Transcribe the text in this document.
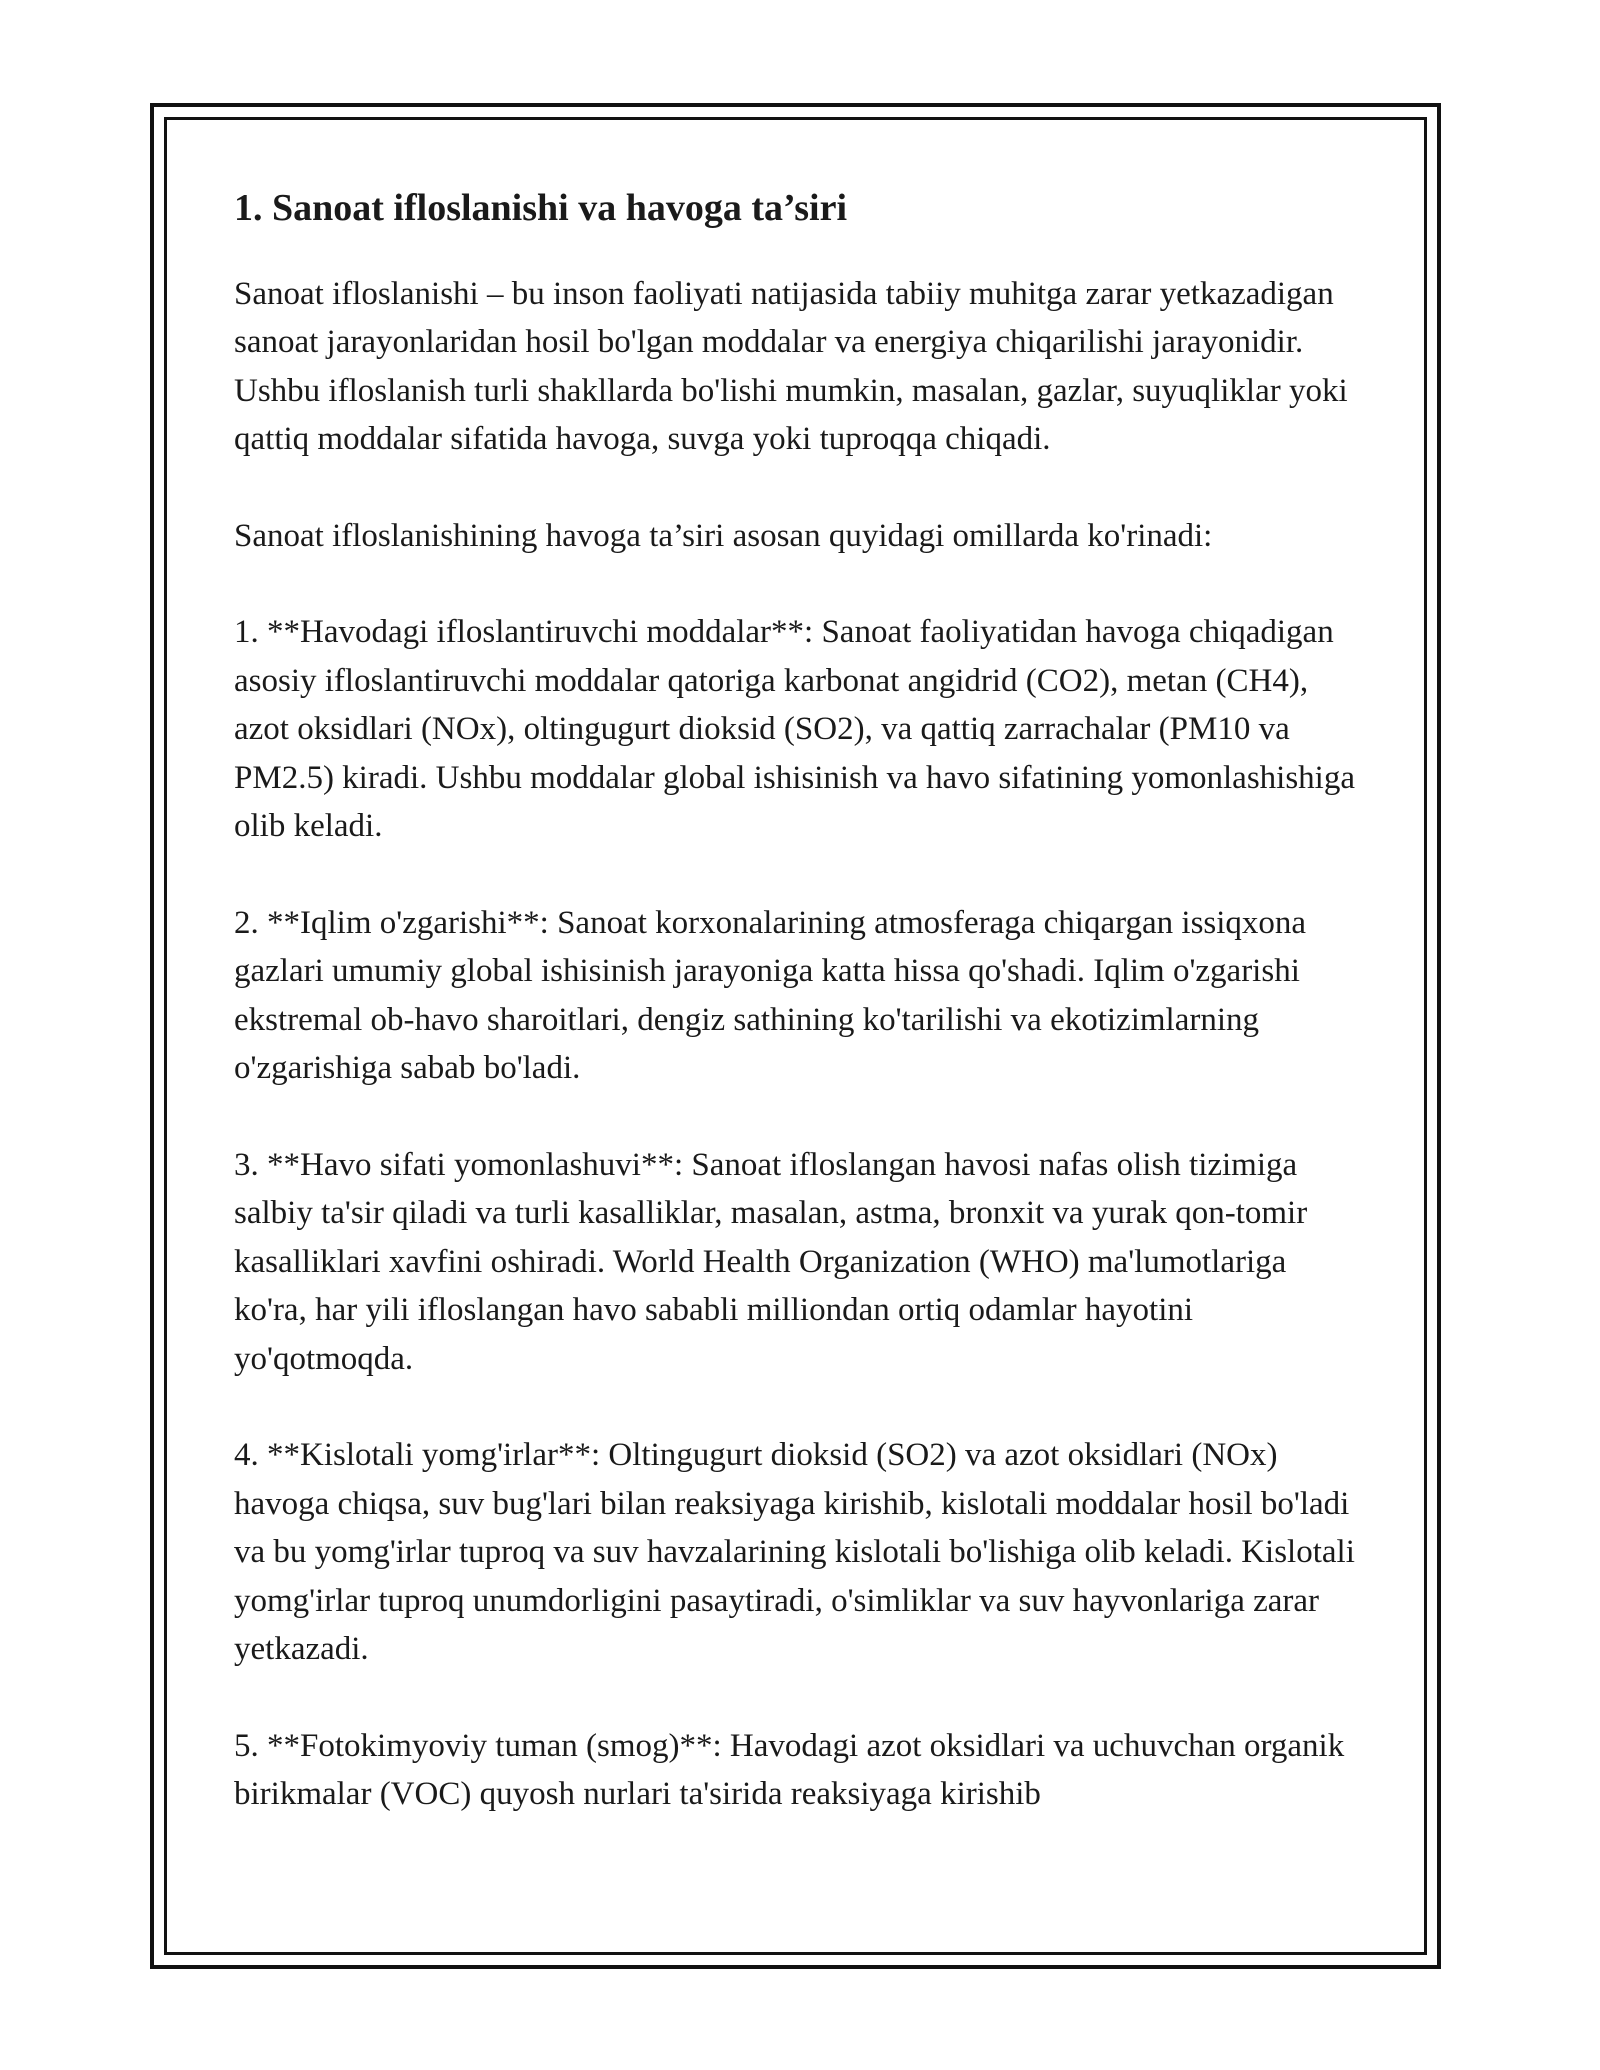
1. Sanoat ifloslanishi va havoga ta’siri

Sanoat ifloslanishi – bu inson faoliyati natijasida tabiiy muhitga zarar yetkazadigan sanoat jarayonlaridan hosil bo'lgan moddalar va energiya chiqarilishi jarayonidir. Ushbu ifloslanish turli shakllarda bo'lishi mumkin, masalan, gazlar, suyuqliklar yoki qattiq moddalar sifatida havoga, suvga yoki tuproqqa chiqadi.

Sanoat ifloslanishining havoga ta’siri asosan quyidagi omillarda ko'rinadi:

1. **Havodagi ifloslantiruvchi moddalar**: Sanoat faoliyatidan havoga chiqadigan asosiy ifloslantiruvchi moddalar qatoriga karbonat angidrid (CO2), metan (CH4), azot oksidlari (NOx), oltingugurt dioksid (SO2), va qattiq zarrachalar (PM10 va PM2.5) kiradi. Ushbu moddalar global ishisinish va havo sifatining yomonlashishiga olib keladi.

2. **Iqlim o'zgarishi**: Sanoat korxonalarining atmosferaga chiqargan issiqxona gazlari umumiy global ishisinish jarayoniga katta hissa qo'shadi. Iqlim o'zgarishi ekstremal ob-havo sharoitlari, dengiz sathining ko'tarilishi va ekotizimlarning o'zgarishiga sabab bo'ladi.

3. **Havo sifati yomonlashuvi**: Sanoat ifloslangan havosi nafas olish tizimiga salbiy ta'sir qiladi va turli kasalliklar, masalan, astma, bronxit va yurak qon-tomir kasalliklari xavfini oshiradi. World Health Organization (WHO) ma'lumotlariga ko'ra, har yili ifloslangan havo sababli milliondan ortiq odamlar hayotini yo'qotmoqda.

4. **Kislotali yomg'irlar**: Oltingugurt dioksid (SO2) va azot oksidlari (NOx) havoga chiqsa, suv bug'lari bilan reaksiyaga kirishib, kislotali moddalar hosil bo'ladi va bu yomg'irlar tuproq va suv havzalarining kislotali bo'lishiga olib keladi. Kislotali yomg'irlar tuproq unumdorligini pasaytiradi, o'simliklar va suv hayvonlariga zarar yetkazadi.

5. **Fotokimyoviy tuman (smog)**: Havodagi azot oksidlari va uchuvchan organik birikmalar (VOC) quyosh nurlari ta'sirida reaksiyaga kirishib
